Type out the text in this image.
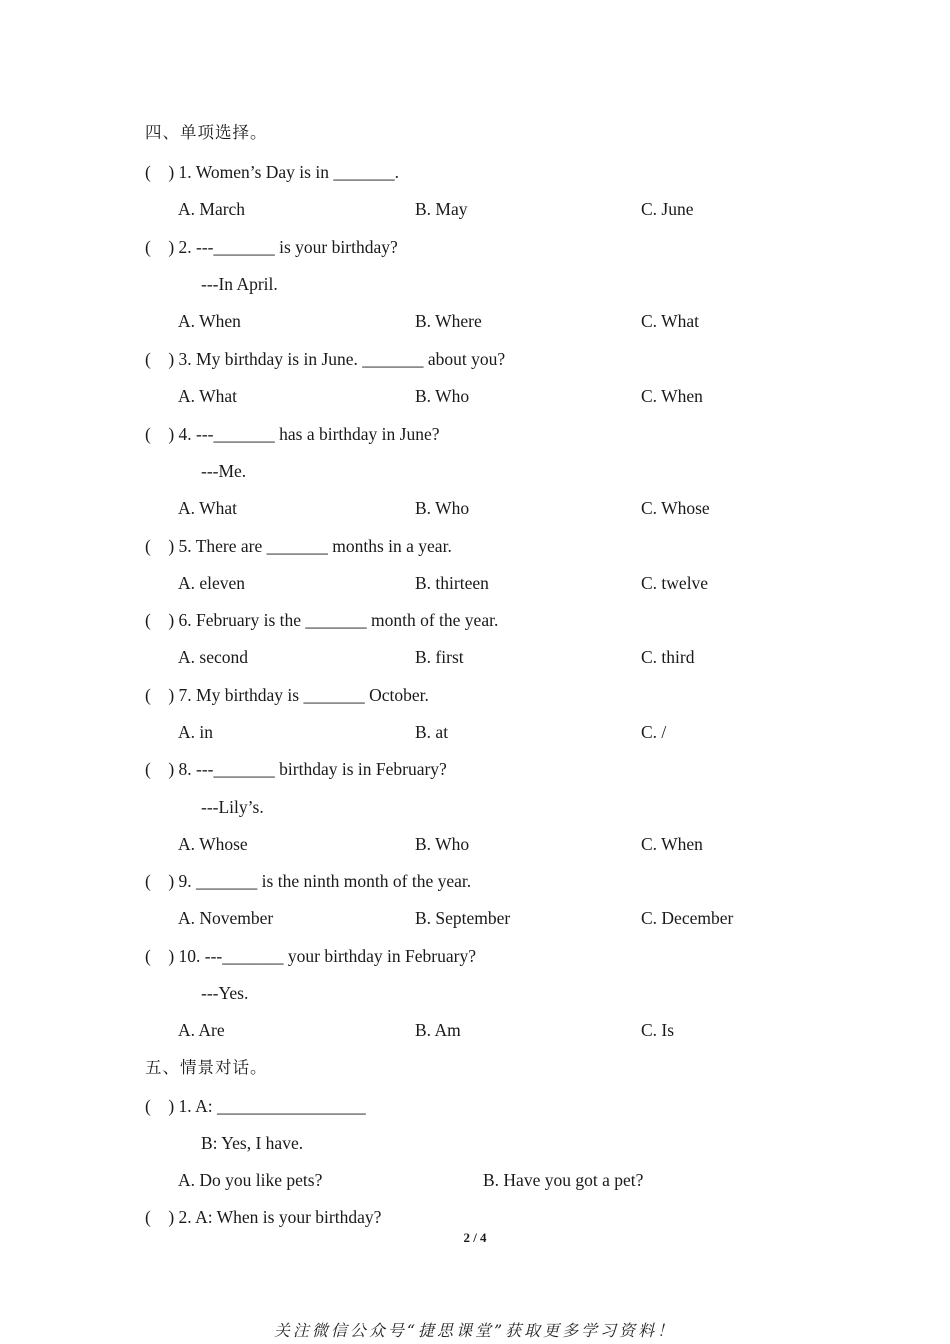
四、单项选择。
(    ) 1. Women’s Day is in _______.
A. March	B. May	C. June
(    ) 2. ---_______ is your birthday?
---In April.
A. When	B. Where	C. What
(    ) 3. My birthday is in June. _______ about you?
A. What	B. Who	C. When
(    ) 4. ---_______ has a birthday in June?
---Me.
A. What	B. Who	C. Whose
(    ) 5. There are _______ months in a year.
A. eleven	B. thirteen	C. twelve
(    ) 6. February is the _______ month of the year.
A. second	B. first	C. third
(    ) 7. My birthday is _______ October.
A. in	B. at	C. /
(    ) 8. ---_______ birthday is in February?
---Lily’s.
A. Whose	B. Who	C. When
(    ) 9. _______ is the ninth month of the year.
A. November	B. September	C. December
(    ) 10. ---_______ your birthday in February?
---Yes.
A. Are	B. Am	C. Is
五、情景对话。
(    ) 1. A: _________________
B: Yes, I have.
A. Do you like pets?	B. Have you got a pet?
(    ) 2. A: When is your birthday?
2 / 4
关注微信公众号“捷思课堂”获取更多学习资料！
